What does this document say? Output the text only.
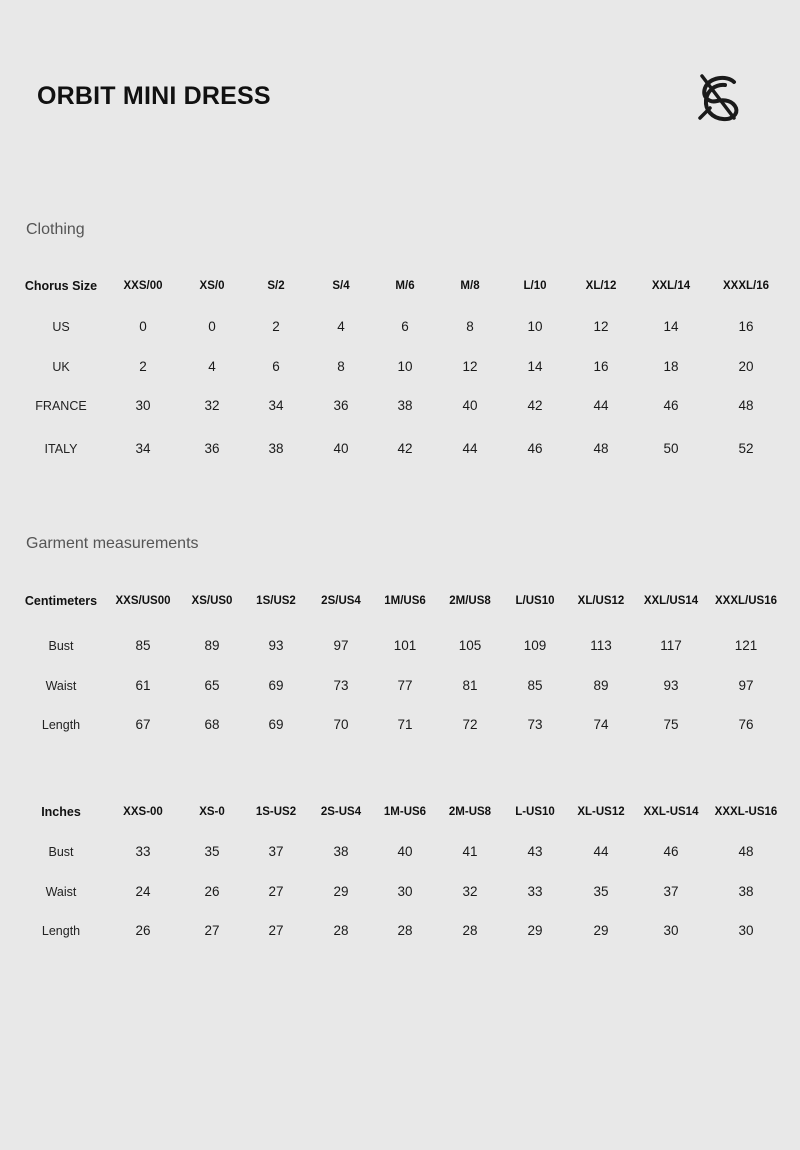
ORBIT MINI DRESS
Clothing
Chorus Size XXS/00	XS/0	S/2	S/4	M/6	M/8	L/10	XL/12	XXL/14	XXXL/16
US	0	0	2	4	6	8	10	12	14	16
UK	2	4	6	8	10	12	14	16	18	20
FRANCE	30	32	34	36	38	40	42	44	46	48
ITALY	34	36	38	40	42	44	46	48	50	52
Garment measurements
Centimeters XXS/US00 XS/US0 1S/US2 2S/US4 1M/US6 2M/US8 L/US10 XL/US12 XXL/US14 XXXL/US16
Bust	85	89	93	97	101	105	109	113	117	121
Waist	61	65	69	73	77	81	85	89	93	97
Length	67	68	69	70	71	72	73	74	75	76
Inches	XXS-00	XS-0	1S-US2 2S-US4 1M-US6 2M-US8 L-US10 XL-US12 XXL-US14 XXXL-US16
Bust	33	35	37	38	40	41	43	44	46	48
Waist	24	26	27	29	30	32	33	35	37	38
Length	26	27	27	28	28	28	29	29	30	30
